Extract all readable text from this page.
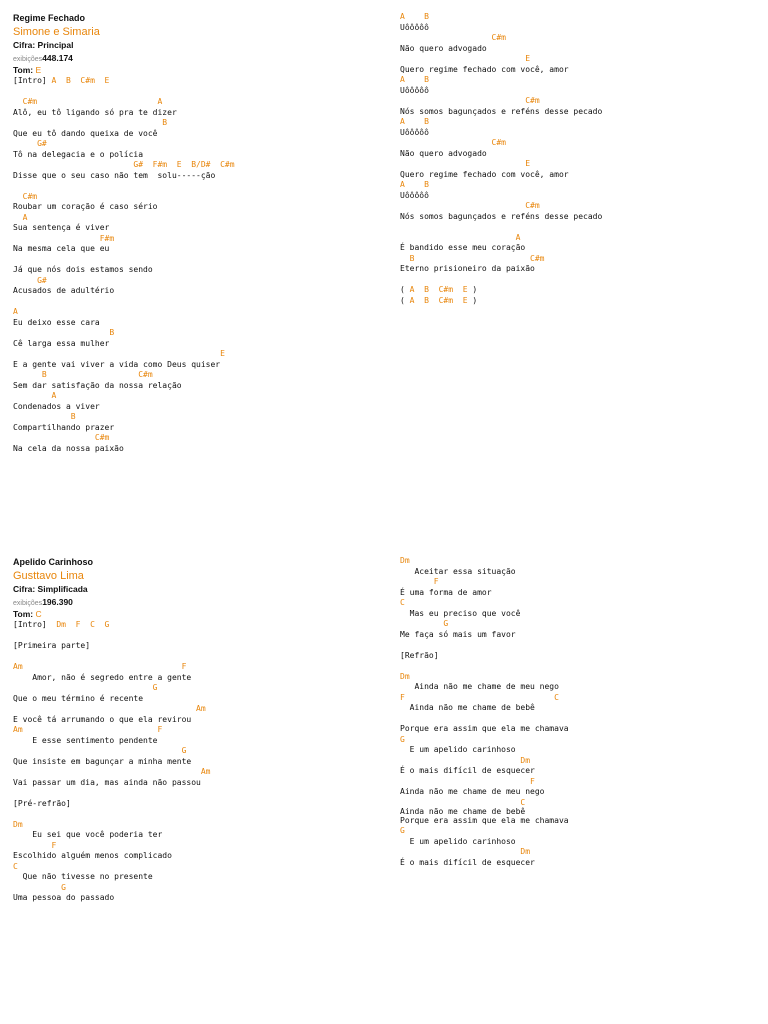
Regime Fechado
Simone e Simaria
Cifra: Principal
exibições448.174
Tom: E
[Intro] A  B  C#m  E
C#m                         A
Alô, eu tô ligando só pra te dizer
B
Que eu tô dando queixa de você
G#
Tô na delegacia e o polícia
G#  F#m  E  B/D#  C#m
Disse que o seu caso não tem  solu-----ção
C#m
Roubar um coração é caso sério
A
Sua sentença é viver
F#m
Na mesma cela que eu
Já que nós dois estamos sendo
G#
Acusados de adultério
A
Eu deixo esse cara
B
Cê larga essa mulher
E
E a gente vai viver a vida como Deus quiser
B                   C#m
Sem dar satisfação da nossa relação
A
Condenados a viver
B
Compartilhando prazer
C#m
Na cela da nossa paixão
A    B
Uôôôôô
C#m
Não quero advogado
E
Quero regime fechado com você, amor
A    B
Uôôôôô
C#m
Nós somos bagunçados e reféns desse pecado
A    B
Uôôôôô
C#m
Não quero advogado
E
Quero regime fechado com você, amor
A    B
Uôôôôô
C#m
Nós somos bagunçados e reféns desse pecado
A
É bandido esse meu coração
B                        C#m
Eterno prisioneiro da paixão
( A B C#m E )
( A B C#m E )
Apelido Carinhoso
Gusttavo Lima
Cifra: Simplificada
exibições196.390
Tom: C
[Intro]  Dm  F  C  G
[Primeira parte]
Am                                 F
Amor, não é segredo entre a gente
G
Que o meu término é recente
Am
E você tá arrumando o que ela revirou
Am                            F
E esse sentimento pendente
G
Que insiste em bagunçar a minha mente
Am
Vai passar um dia, mas ainda não passou
[Pré-refrão]
Dm
Eu sei que você poderia ter
F
Escolhido alguém menos complicado
C
Que não tivesse no presente
G
Uma pessoa do passado
Dm
Aceitar essa situação
F
É uma forma de amor
C
Mas eu preciso que você
G
Me faça só mais um favor
[Refrão]
Dm
Ainda não me chame de meu nego
F                               C
Ainda não me chame de bebê
Porque era assim que ela me chamava
G
E um apelido carinhoso
Dm
É o mais difícil de esquecer
F
Ainda não me chame de meu nego
C
Ainda não me chame de bebê
Porque era assim que ela me chamava
G
E um apelido carinhoso
Dm
É o mais difícil de esquecer
